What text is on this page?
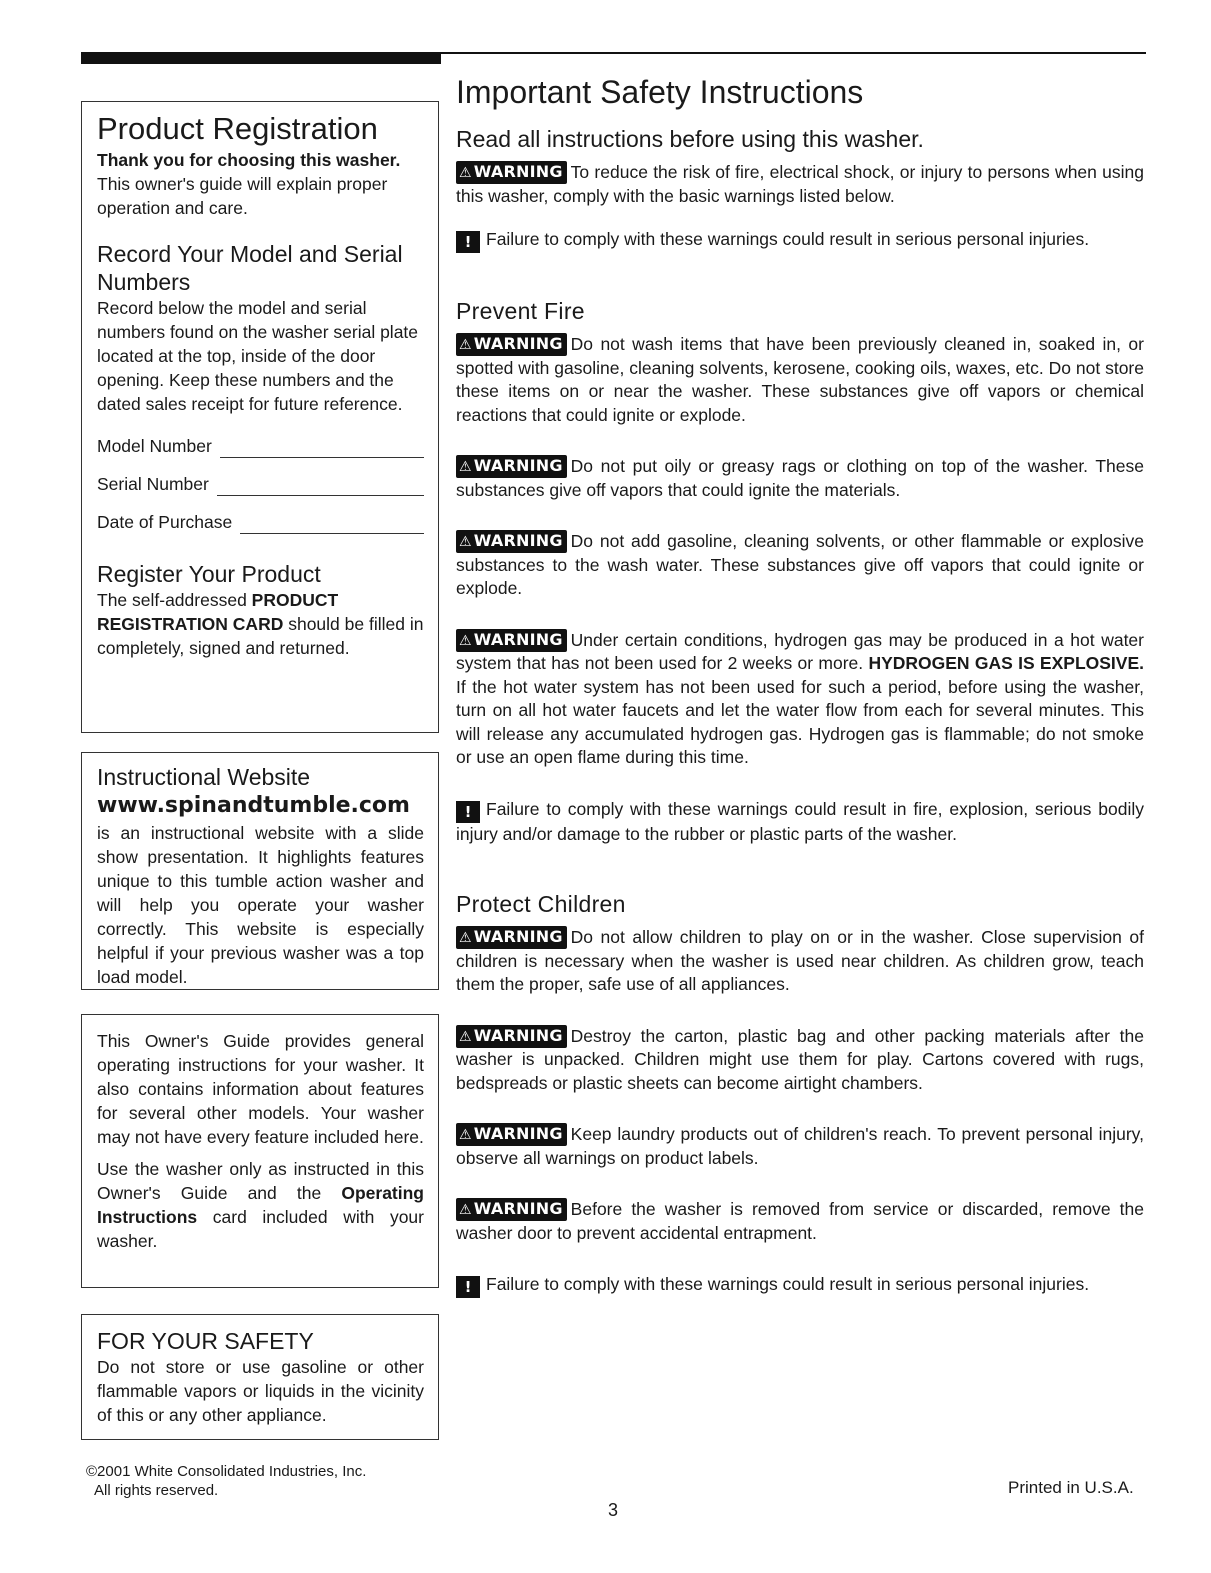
Product Registration

Thank you for choosing this washer. This owner's guide will explain proper operation and care.

Record Your Model and Serial Numbers

Record below the model and serial numbers found on the washer serial plate located at the top, inside of the door opening. Keep these numbers and the dated sales receipt for future reference.

Model Number
Serial Number
Date of Purchase
Register Your Product

The self-addressed PRODUCT REGISTRATION CARD should be filled in completely, signed and returned.

Instructional Website
www.spinandtumble.com

is an instructional website with a slide show presentation. It highlights features unique to this tumble action washer and will help you operate your washer correctly. This website is especially helpful if your previous washer was a top load model.

This Owner's Guide provides general operating instructions for your washer. It also contains information about features for several other models. Your washer may not have every feature included here.

Use the washer only as instructed in this Owner's Guide and the Operating Instructions card included with your washer.

FOR YOUR SAFETY

Do not store or use gasoline or other flammable vapors or liquids in the vicinity of this or any other appliance.

Important Safety Instructions
Read all instructions before using this washer.

⚠ WARNING To reduce the risk of fire, electrical shock, or injury to persons when using this washer, comply with the basic warnings listed below.

! Failure to comply with these warnings could result in serious personal injuries.

Prevent Fire

⚠ WARNING Do not wash items that have been previously cleaned in, soaked in, or spotted with gasoline, cleaning solvents, kerosene, cooking oils, waxes, etc. Do not store these items on or near the washer. These substances give off vapors or chemical reactions that could ignite or explode.

⚠ WARNING Do not put oily or greasy rags or clothing on top of the washer. These substances give off vapors that could ignite the materials.

⚠ WARNING Do not add gasoline, cleaning solvents, or other flammable or explosive substances to the wash water. These substances give off vapors that could ignite or explode.

⚠ WARNING Under certain conditions, hydrogen gas may be produced in a hot water system that has not been used for 2 weeks or more. HYDROGEN GAS IS EXPLOSIVE. If the hot water system has not been used for such a period, before using the washer, turn on all hot water faucets and let the water flow from each for several minutes. This will release any accumulated hydrogen gas. Hydrogen gas is flammable; do not smoke or use an open flame during this time.

! Failure to comply with these warnings could result in fire, explosion, serious bodily injury and/or damage to the rubber or plastic parts of the washer.

Protect Children

⚠ WARNING Do not allow children to play on or in the washer. Close supervision of children is necessary when the washer is used near children. As children grow, teach them the proper, safe use of all appliances.

⚠ WARNING Destroy the carton, plastic bag and other packing materials after the washer is unpacked. Children might use them for play. Cartons covered with rugs, bedspreads or plastic sheets can become airtight chambers.

⚠ WARNING Keep laundry products out of children's reach. To prevent personal injury, observe all warnings on product labels.

⚠ WARNING Before the washer is removed from service or discarded, remove the washer door to prevent accidental entrapment.

! Failure to comply with these warnings could result in serious personal injuries.

©2001 White Consolidated Industries, Inc.
All rights reserved.	Printed in U.S.A.
3
